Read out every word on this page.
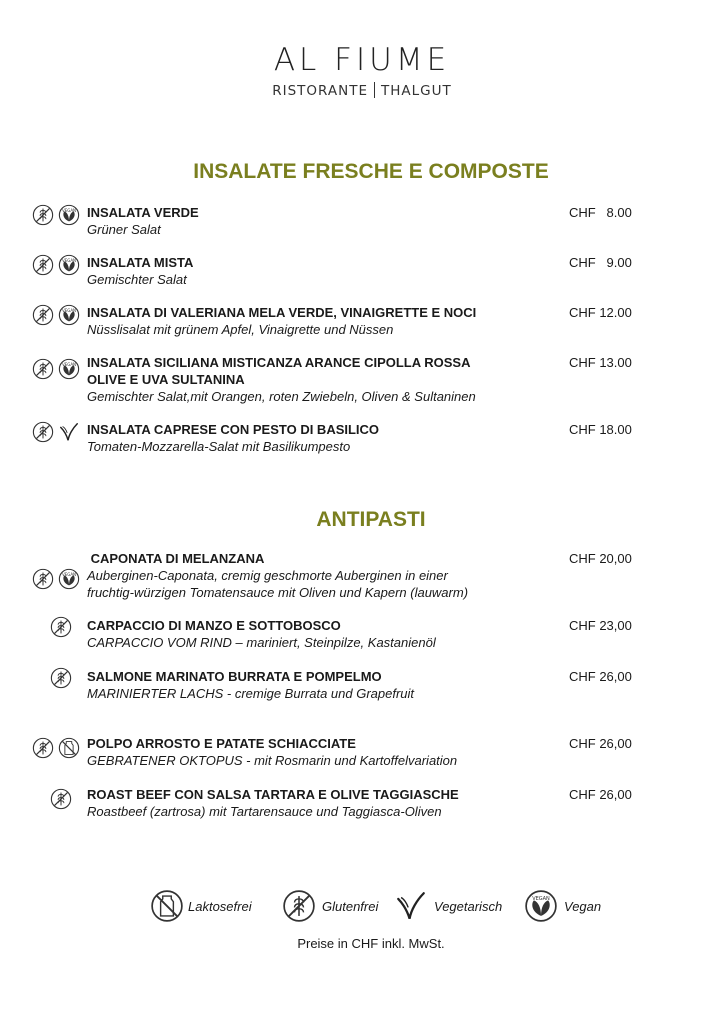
AL FIUME
RISTORANTE THALGUT
INSALATE FRESCHE E COMPOSTE
VEGAN INSALATA VERDE
Grüner Salat
CHF   8.00
VEGAN INSALATA MISTA
Gemischter Salat
CHF   9.00
VEGAN INSALATA DI VALERIANA MELA VERDE, VINAIGRETTE E NOCI
Nüsslisalat mit grünem Apfel, Vinaigrette und Nüssen
CHF 12.00
VEGAN INSALATA SICILIANA MISTICANZA ARANCE CIPOLLA ROSSA
OLIVE E UVA SULTANINA
Gemischter Salat,mit Orangen, roten Zwiebeln, Oliven & Sultaninen
CHF 13.00
INSALATA CAPRESE CON PESTO DI BASILICO
Tomaten-Mozzarella-Salat mit Basilikumpesto
CHF 18.00
ANTIPASTI
VEGAN
CAPONATA DI MELANZANA
Auberginen-Caponata, cremig geschmorte Auberginen in einer
fruchtig-würzigen Tomatensauce mit Oliven und Kapern (lauwarm)
CHF 20,00
CARPACCIO DI MANZO E SOTTOBOSCO
CARPACCIO VOM RIND – mariniert, Steinpilze, Kastanienöl
CHF 23,00
SALMONE MARINATO BURRATA E POMPELMO
MARINIERTER LACHS - cremige Burrata und Grapefruit
CHF 26,00
POLPO ARROSTO E PATATE SCHIACCIATE
GEBRATENER OKTOPUS - mit Rosmarin und Kartoffelvariation
CHF 26,00
ROAST BEEF CON SALSA TARTARA E OLIVE TAGGIASCHE
Roastbeef (zartrosa) mit Tartarensauce und Taggiasca-Oliven
CHF 26,00
Laktosefrei	Glutenfrei	Vegetarisch	VEGAN Vegan
Preise in CHF inkl. MwSt.
